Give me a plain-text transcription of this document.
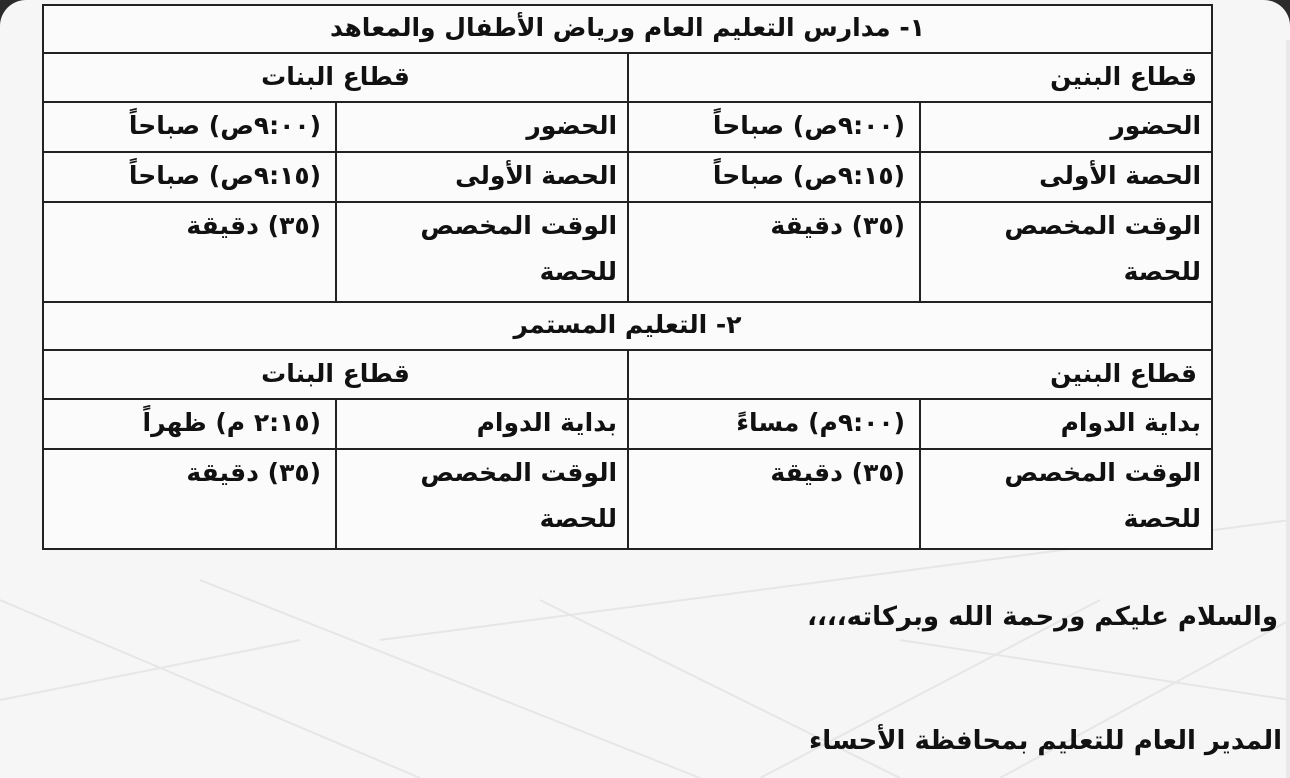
١- مدارس التعليم العام ورياض الأطفال والمعاهد			
قطاع البنين		قطاع البنات	
الحضور	(٩:٠٠ص) صباحاً	الحضور	(٩:٠٠ص) صباحاً
الحصة الأولى	(٩:١٥ص) صباحاً	الحصة الأولى	(٩:١٥ص) صباحاً
الوقت المخصص للحصة	(٣٥) دقيقة	الوقت المخصص للحصة	(٣٥) دقيقة
٢- التعليم المستمر			
قطاع البنين		قطاع البنات	
بداية الدوام	(٩:٠٠م) مساءً	بداية الدوام	(٢:١٥ م) ظهراً
الوقت المخصص للحصة	(٣٥) دقيقة	الوقت المخصص للحصة	(٣٥) دقيقة
والسلام عليكم ورحمة الله وبركاته،،،،
المدير العام للتعليم بمحافظة الأحساء
